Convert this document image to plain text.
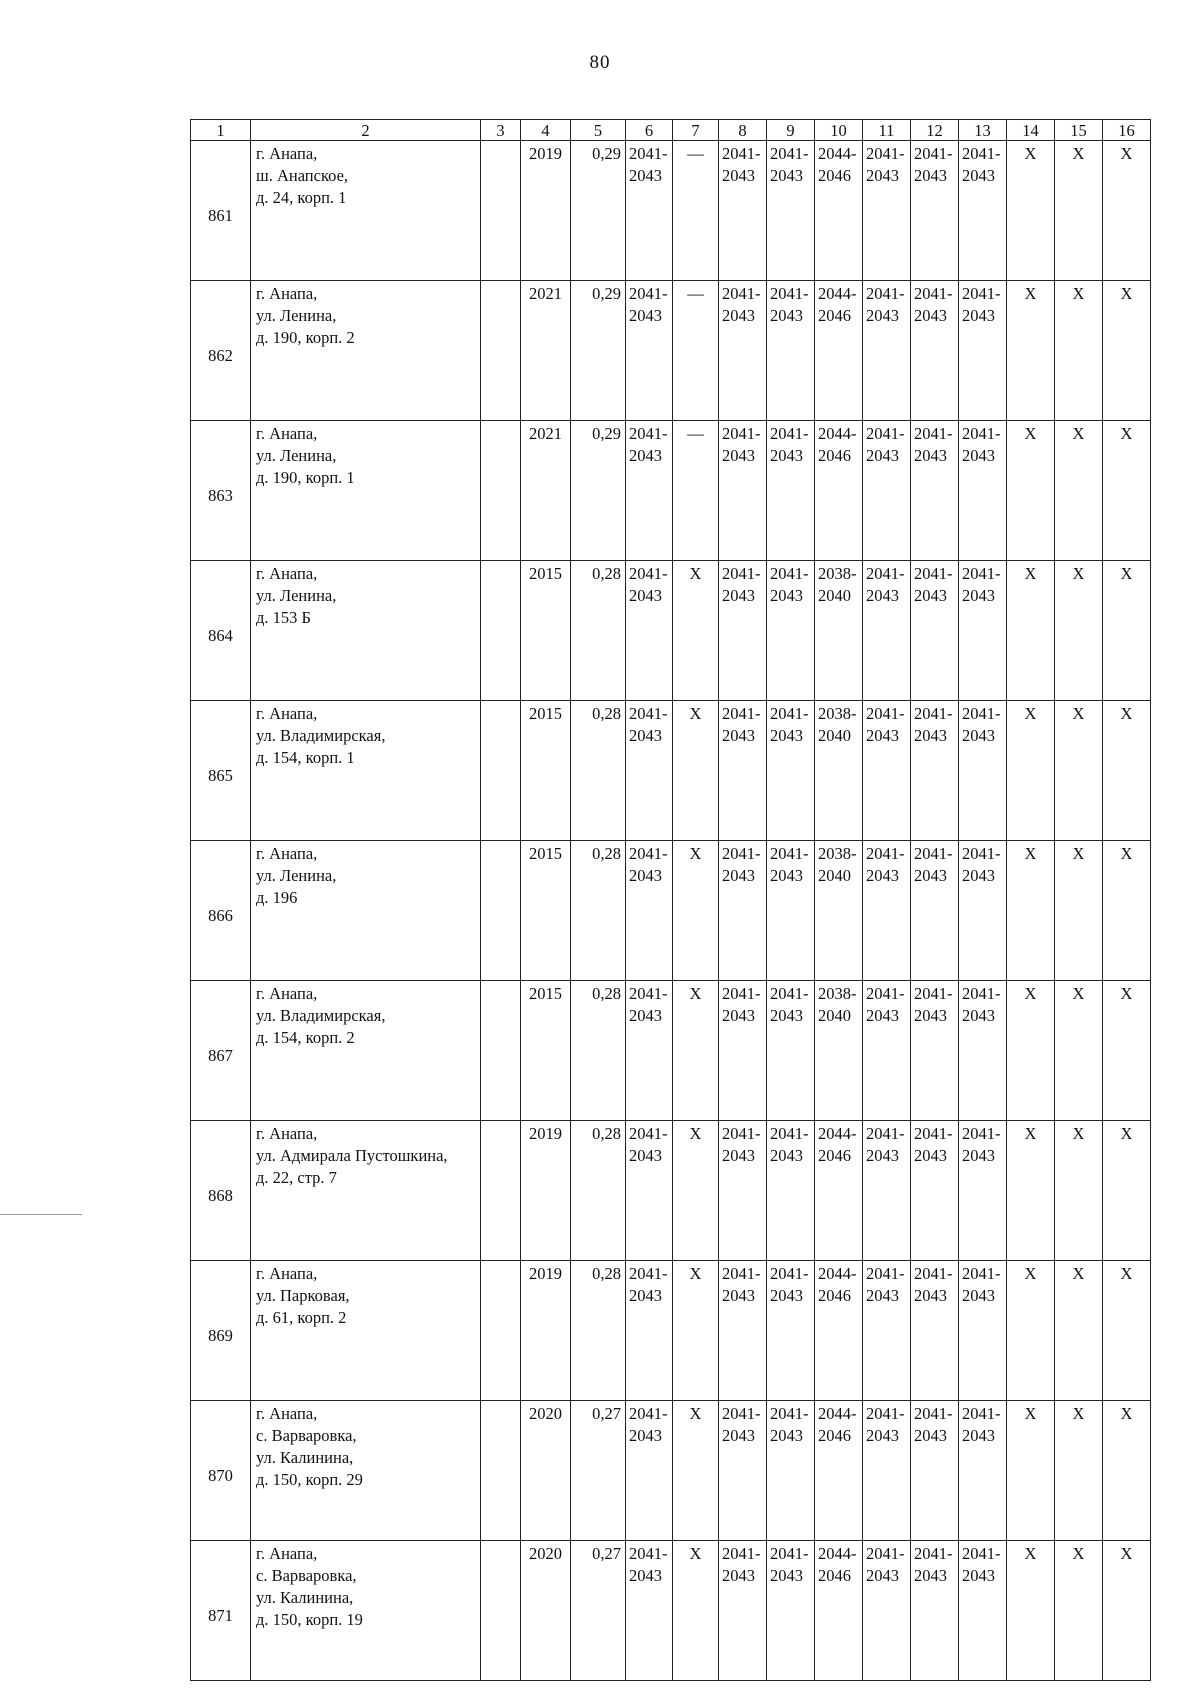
80
1	2	3	4	5	6	7	8	9	10	11	12	13	14	15	16
861	г. Анапа,
ш. Анапское,
д. 24, корп. 1		2019	0,29	2041-
2043	—	2041-
2043	2041-
2043	2044-
2046	2041-
2043	2041-
2043	2041-
2043	X	X	X
862	г. Анапа,
ул. Ленина,
д. 190, корп. 2		2021	0,29	2041-
2043	—	2041-
2043	2041-
2043	2044-
2046	2041-
2043	2041-
2043	2041-
2043	X	X	X
863	г. Анапа,
ул. Ленина,
д. 190, корп. 1		2021	0,29	2041-
2043	—	2041-
2043	2041-
2043	2044-
2046	2041-
2043	2041-
2043	2041-
2043	X	X	X
864	г. Анапа,
ул. Ленина,
д. 153 Б		2015	0,28	2041-
2043	X	2041-
2043	2041-
2043	2038-
2040	2041-
2043	2041-
2043	2041-
2043	X	X	X
865	г. Анапа,
ул. Владимирская,
д. 154, корп. 1		2015	0,28	2041-
2043	X	2041-
2043	2041-
2043	2038-
2040	2041-
2043	2041-
2043	2041-
2043	X	X	X
866	г. Анапа,
ул. Ленина,
д. 196		2015	0,28	2041-
2043	X	2041-
2043	2041-
2043	2038-
2040	2041-
2043	2041-
2043	2041-
2043	X	X	X
867	г. Анапа,
ул. Владимирская,
д. 154, корп. 2		2015	0,28	2041-
2043	X	2041-
2043	2041-
2043	2038-
2040	2041-
2043	2041-
2043	2041-
2043	X	X	X
868	г. Анапа,
ул. Адмирала Пустошкина,
д. 22, стр. 7		2019	0,28	2041-
2043	X	2041-
2043	2041-
2043	2044-
2046	2041-
2043	2041-
2043	2041-
2043	X	X	X
869	г. Анапа,
ул. Парковая,
д. 61, корп. 2		2019	0,28	2041-
2043	X	2041-
2043	2041-
2043	2044-
2046	2041-
2043	2041-
2043	2041-
2043	X	X	X
870	г. Анапа,
с. Варваровка,
ул. Калинина,
д. 150, корп. 29		2020	0,27	2041-
2043	X	2041-
2043	2041-
2043	2044-
2046	2041-
2043	2041-
2043	2041-
2043	X	X	X
871	г. Анапа,
с. Варваровка,
ул. Калинина,
д. 150, корп. 19		2020	0,27	2041-
2043	X	2041-
2043	2041-
2043	2044-
2046	2041-
2043	2041-
2043	2041-
2043	X	X	X
